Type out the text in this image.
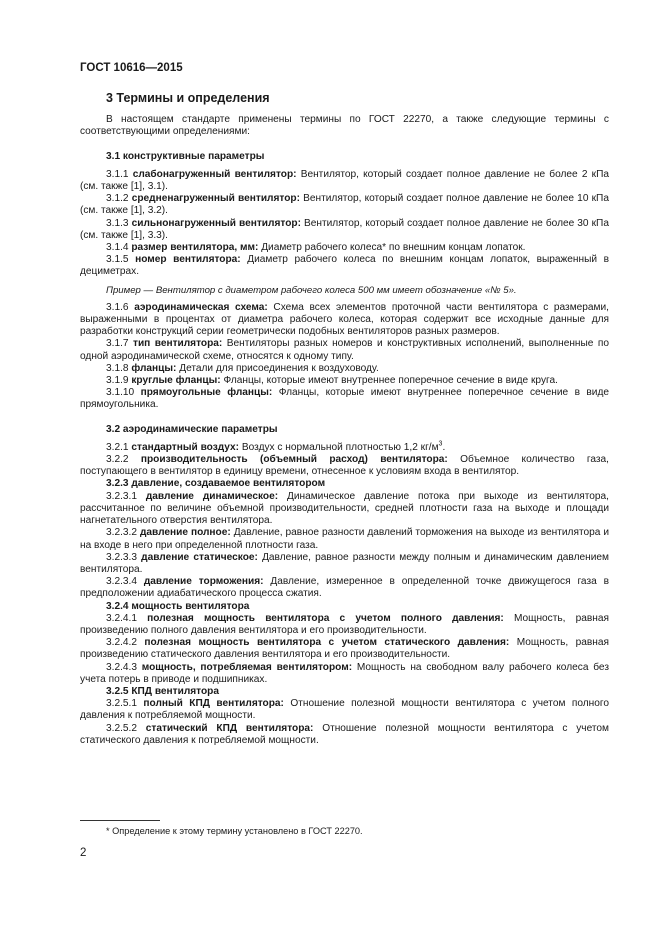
ГОСТ 10616—2015
3 Термины и определения

В настоящем стандарте применены термины по ГОСТ 22270, а также следующие термины с соответствующими определениями:

3.1 конструктивные параметры

3.1.1 слабонагруженный вентилятор: Вентилятор, который создает полное давление не более 2 кПа (см. также [1], 3.1).

3.1.2 средненагруженный вентилятор: Вентилятор, который создает полное давление не более 10 кПа (см. также [1], 3.2).

3.1.3 сильнонагруженный вентилятор: Вентилятор, который создает полное давление не более 30 кПа (см. также [1], 3.3).

3.1.4 размер вентилятора, мм: Диаметр рабочего колеса* по внешним концам лопаток.

3.1.5 номер вентилятора: Диаметр рабочего колеса по внешним концам лопаток, выраженный в дециметрах.

Пример — Вентилятор с диаметром рабочего колеса 500 мм имеет обозначение «№ 5».

3.1.6 аэродинамическая схема: Схема всех элементов проточной части вентилятора с размерами, выраженными в процентах от диаметра рабочего колеса, которая содержит все исходные данные для разработки конструкций серии геометрически подобных вентиляторов разных размеров.

3.1.7 тип вентилятора: Вентиляторы разных номеров и конструктивных исполнений, выполненные по одной аэродинамической схеме, относятся к одному типу.

3.1.8 фланцы: Детали для присоединения к воздуховоду.

3.1.9 круглые фланцы: Фланцы, которые имеют внутреннее поперечное сечение в виде круга.

3.1.10 прямоугольные фланцы: Фланцы, которые имеют внутреннее поперечное сечение в виде прямоугольника.

3.2 аэродинамические параметры

3.2.1 стандартный воздух: Воздух с нормальной плотностью 1,2 $кг/м^3$.

3.2.2 производительность (объемный расход) вентилятора: Объемное количество газа, поступающего в вентилятор в единицу времени, отнесенное к условиям входа в вентилятор.

3.2.3 давление, создаваемое вентилятором

3.2.3.1 давление динамическое: Динамическое давление потока при выходе из вентилятора, рассчитанное по величине объемной производительности, средней плотности газа на выходе и площади нагнетательного отверстия вентилятора.

3.2.3.2 давление полное: Давление, равное разности давлений торможения на выходе из вентилятора и на входе в него при определенной плотности газа.

3.2.3.3 давление статическое: Давление, равное разности между полным и динамическим давлением вентилятора.

3.2.3.4 давление торможения: Давление, измеренное в определенной точке движущегося газа в предположении адиабатического процесса сжатия.

3.2.4 мощность вентилятора

3.2.4.1 полезная мощность вентилятора с учетом полного давления: Мощность, равная произведению полного давления вентилятора и его производительности.

3.2.4.2 полезная мощность вентилятора с учетом статического давления: Мощность, равная произведению статического давления вентилятора и его производительности.

3.2.4.3 мощность, потребляемая вентилятором: Мощность на свободном валу рабочего колеса без учета потерь в приводе и подшипниках.

3.2.5 КПД вентилятора

3.2.5.1 полный КПД вентилятора: Отношение полезной мощности вентилятора с учетом полного давления к потребляемой мощности.

3.2.5.2 статический КПД вентилятора: Отношение полезной мощности вентилятора с учетом статического давления к потребляемой мощности.

* Определение к этому термину установлено в ГОСТ 22270.
2
